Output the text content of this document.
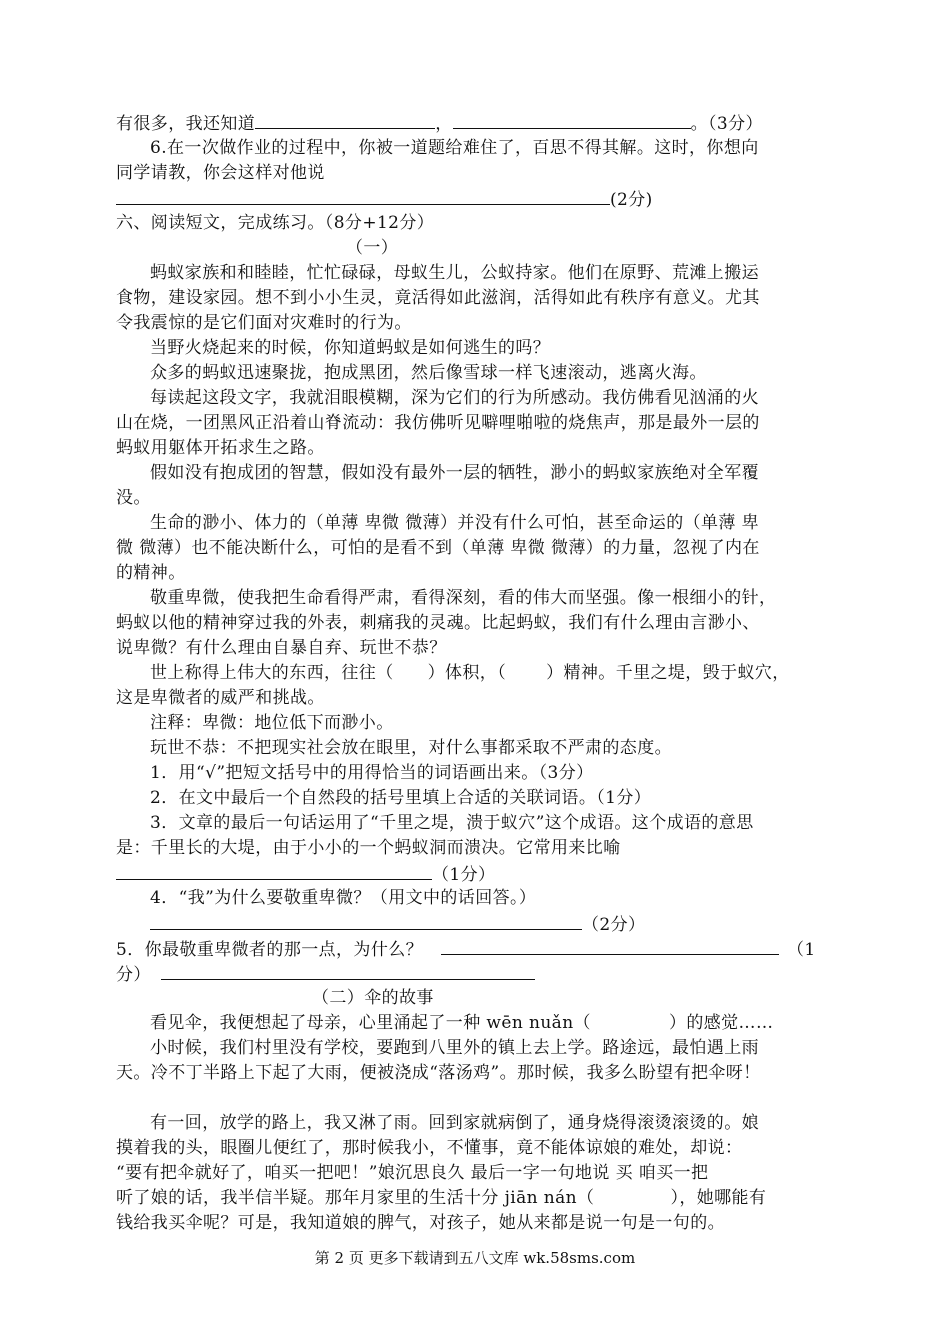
有很多，我还知道	，	。（3分）
6.在一次做作业的过程中，你被一道题给难住了，百思不得其解。这时，你想向
同学请教，你会这样对他说
(2分)
六、阅读短文，完成练习。（8分+12分）
（一）
蚂蚁家族和和睦睦，忙忙碌碌，母蚁生儿，公蚁持家。他们在原野、荒滩上搬运
食物，建设家园。想不到小小生灵，竟活得如此滋润，活得如此有秩序有意义。尤其
令我震惊的是它们面对灾难时的行为。
当野火烧起来的时候，你知道蚂蚁是如何逃生的吗？
众多的蚂蚁迅速聚拢，抱成黑团，然后像雪球一样飞速滚动，逃离火海。
每读起这段文字，我就泪眼模糊，深为它们的行为所感动。我仿佛看见汹涌的火
山在烧，一团黑风正沿着山脊流动：我仿佛听见噼哩啪啦的烧焦声，那是最外一层的
蚂蚁用躯体开拓求生之路。
假如没有抱成团的智慧，假如没有最外一层的牺牲，渺小的蚂蚁家族绝对全军覆
没。
生命的渺小、体力的（单薄 卑微 微薄）并没有什么可怕，甚至命运的（单薄 卑
微 微薄）也不能决断什么，可怕的是看不到（单薄 卑微 微薄）的力量，忽视了内在
的精神。
敬重卑微，使我把生命看得严肃，看得深刻，看的伟大而坚强。像一根细小的针，
蚂蚁以他的精神穿过我的外表，刺痛我的灵魂。比起蚂蚁，我们有什么理由言渺小、
说卑微？有什么理由自暴自弃、玩世不恭？
世上称得上伟大的东西，往往（ ）体积，（ ）精神。千里之堤，毁于蚁穴，
这是卑微者的威严和挑战。
注释：卑微：地位低下而渺小。
玩世不恭：不把现实社会放在眼里，对什么事都采取不严肃的态度。
1．用“√”把短文括号中的用得恰当的词语画出来。（3分）
2．在文中最后一个自然段的括号里填上合适的关联词语。（1分）
3．文章的最后一句话运用了“千里之堤，溃于蚁穴”这个成语。这个成语的意思
是：千里长的大堤，由于小小的一个蚂蚁洞而溃决。它常用来比喻
（1分）
4．“我”为什么要敬重卑微？（用文中的话回答。）
（2分）
5．你最敬重卑微者的那一点，为什么？	（1
分）
（二）伞的故事
看见伞，我便想起了母亲，心里涌起了一种 wēn nuǎn（	）的感觉……
小时候，我们村里没有学校，要跑到八里外的镇上去上学。路途远，最怕遇上雨
天。冷不丁半路上下起了大雨，便被浇成“落汤鸡”。那时候，我多么盼望有把伞呀！
有一回，放学的路上，我又淋了雨。回到家就病倒了，通身烧得滚烫滚烫的。娘
摸着我的头，眼圈儿便红了，那时候我小，不懂事，竟不能体谅娘的难处，却说：
“要有把伞就好了，咱买一把吧！”娘沉思良久 最后一字一句地说 买 咱买一把
听了娘的话，我半信半疑。那年月家里的生活十分 jiān nán（	），她哪能有
钱给我买伞呢？可是，我知道娘的脾气，对孩子，她从来都是说一句是一句的。
第 2 页 更多下载请到五八文库 wk.58sms.com
